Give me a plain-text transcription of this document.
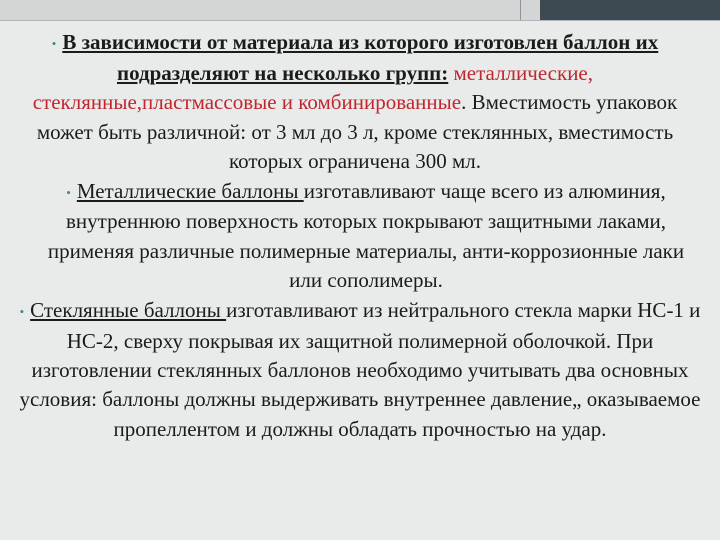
• В зависимости от материала из которого изготовлен баллон их подразделяют на несколько групп: металлические, стеклянные,пластмассовые и комбинированные. Вместимость упаковок может быть различной: от 3 мл до 3 л, кроме стеклянных, вместимость которых ограничена 300 мл.

• Металлические баллоны изготавливают чаще всего из алюминия, внутреннюю поверхность которых покрывают защитными лаками, применяя различные полимерные материалы, анти-коррозионные лаки или сополимеры.

• Стеклянные баллоны изготавливают из нейтрального стекла марки НС-1 и НС-2, сверху покрывая их защитной полимерной оболочкой. При изготовлении стеклянных баллонов необходимо учитывать два основных условия: баллоны должны выдерживать внутреннее давление„ оказываемое пропеллентом и должны обладать прочностью на удар.
